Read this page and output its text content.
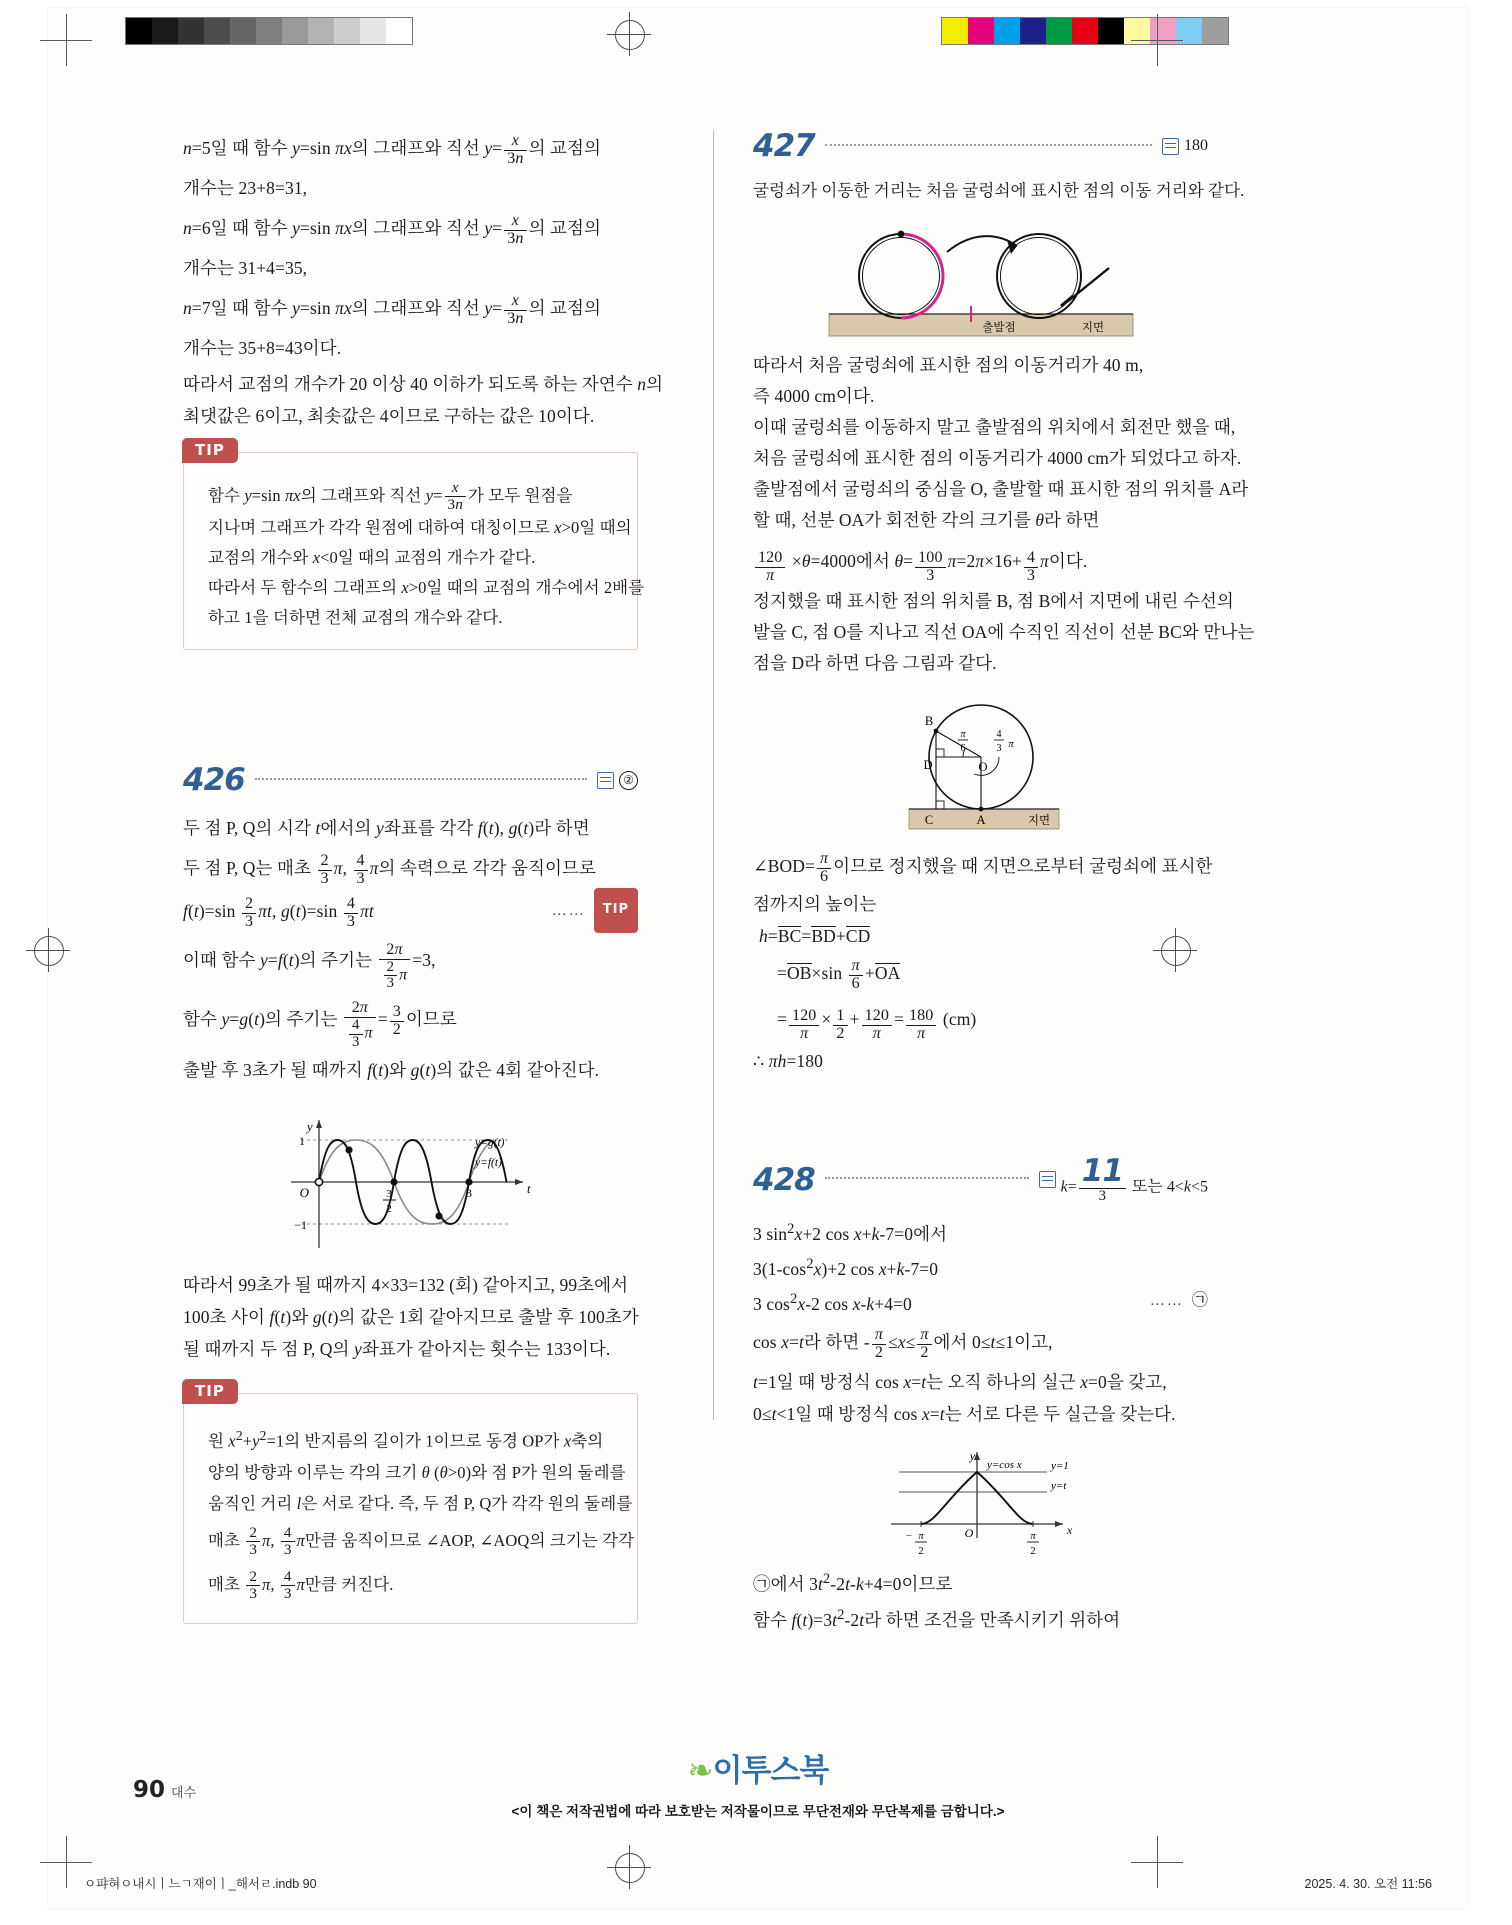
n=5일 때 함수 y=sin πx의 그래프와 직선 $y= \frac{x}{3n}$ 의 교점의
개수는 23+8=31,
n=6일 때 함수 y=sin πx의 그래프와 직선 $y= \frac{x}{3n}$ 의 교점의
개수는 31+4=35,
n=7일 때 함수 y=sin πx의 그래프와 직선 $y= \frac{x}{3n}$ 의 교점의
개수는 35+8=43이다.
따라서 교점의 개수가 20 이상 40 이하가 되도록 하는 자연수 n의
최댓값은 6이고, 최솟값은 4이므로 구하는 값은 10이다.
TIP
함수 y=sin πx의 그래프와 직선 $y= \frac{x}{3n}$ 가 모두 원점을
지나며 그래프가 각각 원점에 대하여 대칭이므로 x>0일 때의
교점의 개수와 x<0일 때의 교점의 개수가 같다.
따라서 두 함수의 그래프의 x>0일 때의 교점의 개수에서 2배를
하고 1을 더하면 전체 교점의 개수와 같다.
426	②
두 점 P, Q의 시각 t에서의 y좌표를 각각 f(t), g(t)라 하면
두 점 P, Q는 매초 $\frac{2}{3} \pi$, $\frac{4}{3}$ π의 속력으로 각각 움직이므로
$f(t)=\sin \frac{2}{3} \pi t$, $g(t)=\sin \frac{4}{3}$ πt	……	TIP
이때 함수 y=f(t)의 주기는 $\frac{2\pi}{\frac{2}{3} \pi} =3$,
함수 y=g(t)의 주기는 $\frac{2\pi}{\frac{4}{3} \pi} = \frac{3}{2}$ 이므로
출발 후 3초가 될 때까지 f(t)와 g(t)의 값은 4회 같아진다.
1
−1
O
y
t
3
2
3
y=g(t)
y=f(t)
따라서 99초가 될 때까지 4×33=132 (회) 같아지고, 99초에서
100초 사이 f(t)와 g(t)의 값은 1회 같아지므로 출발 후 100초가
될 때까지 두 점 P, Q의 y좌표가 같아지는 횟수는 133이다.
TIP
원 $x^2+y^2=1$의 반지름의 길이가 1이므로 동경 OP가 x축의
양의 방향과 이루는 각의 크기 θ (θ>0)와 점 P가 원의 둘레를
움직인 거리 l은 서로 같다. 즉, 두 점 P, Q가 각각 원의 둘레를
매초 $\frac{2}{3} \pi$, $\frac{4}{3}$ π만큼 움직이므로 ∠AOP, ∠AOQ의 크기는 각각
매초 $\frac{2}{3} \pi$, $\frac{4}{3}$ π만큼 커진다.
427	180
굴렁쇠가 이동한 거리는 처음 굴렁쇠에 표시한 점의 이동 거리와 같다.
출발점	지면
따라서 처음 굴렁쇠에 표시한 점의 이동거리가 40 m,
즉 4000 cm이다.
이때 굴렁쇠를 이동하지 말고 출발점의 위치에서 회전만 했을 때,
처음 굴렁쇠에 표시한 점의 이동거리가 4000 cm가 되었다고 하자.
출발점에서 굴렁쇠의 중심을 O, 출발할 때 표시한 점의 위치를 A라
할 때, 선분 OA가 회전한 각의 크기를 θ라 하면
$\frac{120}{\pi} \times\theta=4000$에서 $\theta= \frac{100}{3} \pi=2\pi\times 16+ \frac{4}{3}$ π이다.
정지했을 때 표시한 점의 위치를 B, 점 B에서 지면에 내린 수선의
발을 C, 점 O를 지나고 직선 OA에 수직인 직선이 선분 BC와 만나는
점을 D라 하면 다음 그림과 같다.
B
D	O
C	A	지면
π
6
4
3 π
∠BOD= $\frac{\pi}{6}$ 이므로 정지했을 때 지면으로부터 굴렁쇠에 표시한
점까지의 높이는
h=BC=BD+CD
$=OB\times\sin \frac{\pi}{6} +OA$
= $\frac{120}{\pi} \times \frac{1}{2} + \frac{120}{\pi} = \frac{180}{\pi} (cm)$
∴ πh=180
428	$k= \frac{11}{3}$ 또는 4<k<5
3 $\sin^2x+2$ cos x+k-7=0에서
$3(1-\cos^2x)+2$ cos x+k-7=0
3 $\cos^2x-2$ cos x-k+4=0	…… ㉠
cos x=t라 하면 - $\frac{\pi}{2} \le x\le \frac{\pi}{2}$ 에서 0≤t≤1이고,
t=1일 때 방정식 cos x=t는 오직 하나의 실근 x=0을 갖고,
0≤t<1일 때 방정식 cos x=t는 서로 다른 두 실근을 갖는다.
y
x
O
y=cos x	y=1
y=t
− π
2
π
2
㉠에서 $3t^2-2t-k+4=0$이므로
함수 $f(t)=3t^2-2t$라 하면 조건을 만족시키기 위하여
90 대수
❧이투스북
<이 책은 저작권법에 따라 보호받는 저작물이므로 무단전재와 무단복제를 금합니다.>
ㅇ퍄혀ㅇ내시ㅣ느ㄱ재이ㅣ_해서ㄹ.indb 90	2025. 4. 30. 오전 11:56
